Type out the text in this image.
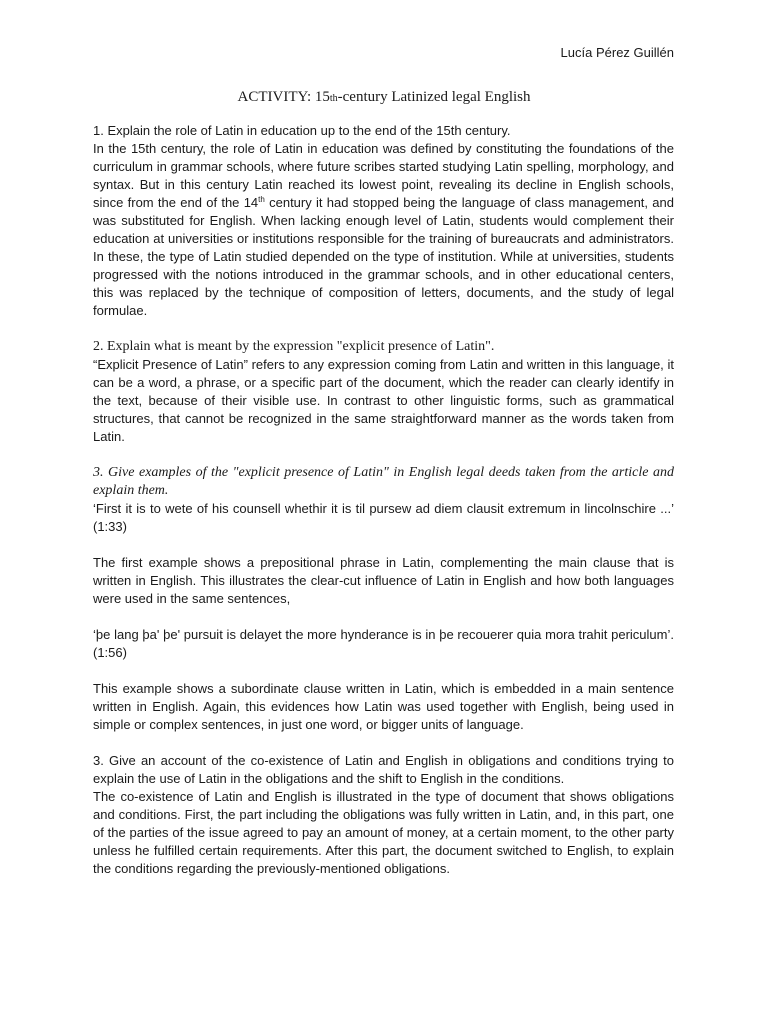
Lucía Pérez Guillén
ACTIVITY: 15th-century Latinized legal English

1. Explain the role of Latin in education up to the end of the 15th century.

In the 15th century, the role of Latin in education was defined by constituting the foundations of the curriculum in grammar schools, where future scribes started studying Latin spelling, morphology, and syntax. But in this century Latin reached its lowest point, revealing its decline in English schools, since from the end of the 14th century it had stopped being the language of class management, and was substituted for English. When lacking enough level of Latin, students would complement their education at universities or institutions responsible for the training of bureaucrats and administrators. In these, the type of Latin studied depended on the type of institution. While at universities, students progressed with the notions introduced in the grammar schools, and in other educational centers, this was replaced by the technique of composition of letters, documents, and the study of legal formulae.

2. Explain what is meant by the expression "explicit presence of Latin".

“Explicit Presence of Latin” refers to any expression coming from Latin and written in this language, it can be a word, a phrase, or a specific part of the document, which the reader can clearly identify in the text, because of their visible use. In contrast to other linguistic forms, such as grammatical structures, that cannot be recognized in the same straightforward manner as the words taken from Latin.

3. Give examples of the "explicit presence of Latin" in English legal deeds taken from the article and explain them.

‘First it is to wete of his counsell whethir it is til pursew ad diem clausit extremum in lincolnschire ...’ (1:33)

The first example shows a prepositional phrase in Latin, complementing the main clause that is written in English. This illustrates the clear-cut influence of Latin in English and how both languages were used in the same sentences,

‘þe lang þa' þe' pursuit is delayet the more hynderance is in þe recouerer quia mora trahit periculum’. (1:56)

This example shows a subordinate clause written in Latin, which is embedded in a main sentence written in English. Again, this evidences how Latin was used together with English, being used in simple or complex sentences, in just one word, or bigger units of language.

3. Give an account of the co-existence of Latin and English in obligations and conditions trying to explain the use of Latin in the obligations and the shift to English in the conditions.

The co-existence of Latin and English is illustrated in the type of document that shows obligations and conditions. First, the part including the obligations was fully written in Latin, and, in this part, one of the parties of the issue agreed to pay an amount of money, at a certain moment, to the other party unless he fulfilled certain requirements. After this part, the document switched to English, to explain the conditions regarding the previously-mentioned obligations.
